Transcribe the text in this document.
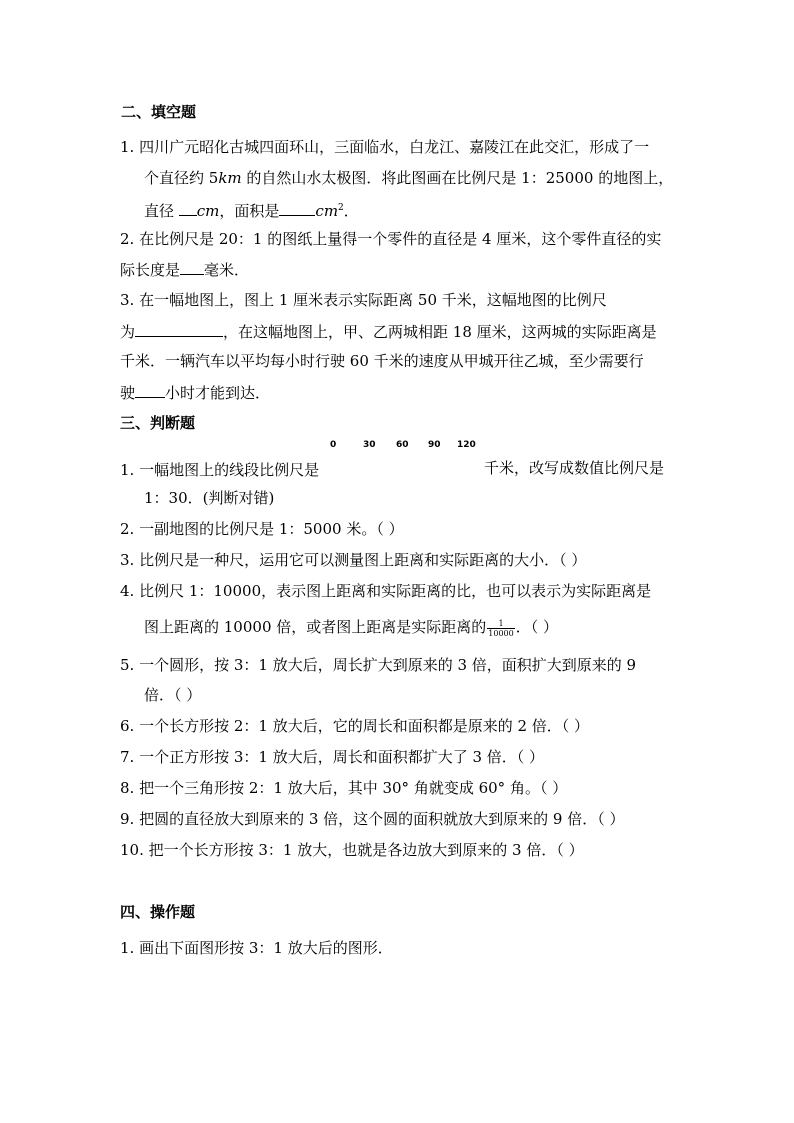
二、填空题
1. 四川广元昭化古城四面环山，三面临水，白龙江、嘉陵江在此交汇，形成了一
个直径约 5km 的自然山水太极图．将此图画在比例尺是 1：25000 的地图上，
直径 cm，面积是 $cm^2$．
2. 在比例尺是 20：1 的图纸上量得一个零件的直径是 4 厘米，这个零件直径的实
际长度是 毫米．
3. 在一幅地图上，图上 1 厘米表示实际距离 50 千米，这幅地图的比例尺
为	，在这幅地图上，甲、乙两城相距 18 厘米，这两城的实际距离是
千米．一辆汽车以平均每小时行驶 60 千米的速度从甲城开往乙城，至少需要行
驶 小时才能到达．
三、判断题
1. 一幅地图上的线段比例尺是
0	30 60 90 120
千米，改写成数值比例尺是
1：30．(判断对错)
2. 一副地图的比例尺是 1：5000 米。（ ）
3. 比例尺是一种尺，运用它可以测量图上距离和实际距离的大小．（ ）
4. 比例尺 1：10000，表示图上距离和实际距离的比，也可以表示为实际距离是
图上距离的 10000 倍，或者图上距离是实际距离的 $\frac{1}{10000}$ ．（ ）
5. 一个圆形，按 3：1 放大后，周长扩大到原来的 3 倍，面积扩大到原来的 9
倍．（ ）
6. 一个长方形按 2：1 放大后，它的周长和面积都是原来的 2 倍．（ ）
7. 一个正方形按 3：1 放大后，周长和面积都扩大了 3 倍．（ ）
8. 把一个三角形按 2：1 放大后，其中 30° 角就变成 60° 角。（ ）
9. 把圆的直径放大到原来的 3 倍，这个圆的面积就放大到原来的 9 倍．（ ）
10. 把一个长方形按 3：1 放大，也就是各边放大到原来的 3 倍．（ ）
四、操作题
1. 画出下面图形按 3：1 放大后的图形．
